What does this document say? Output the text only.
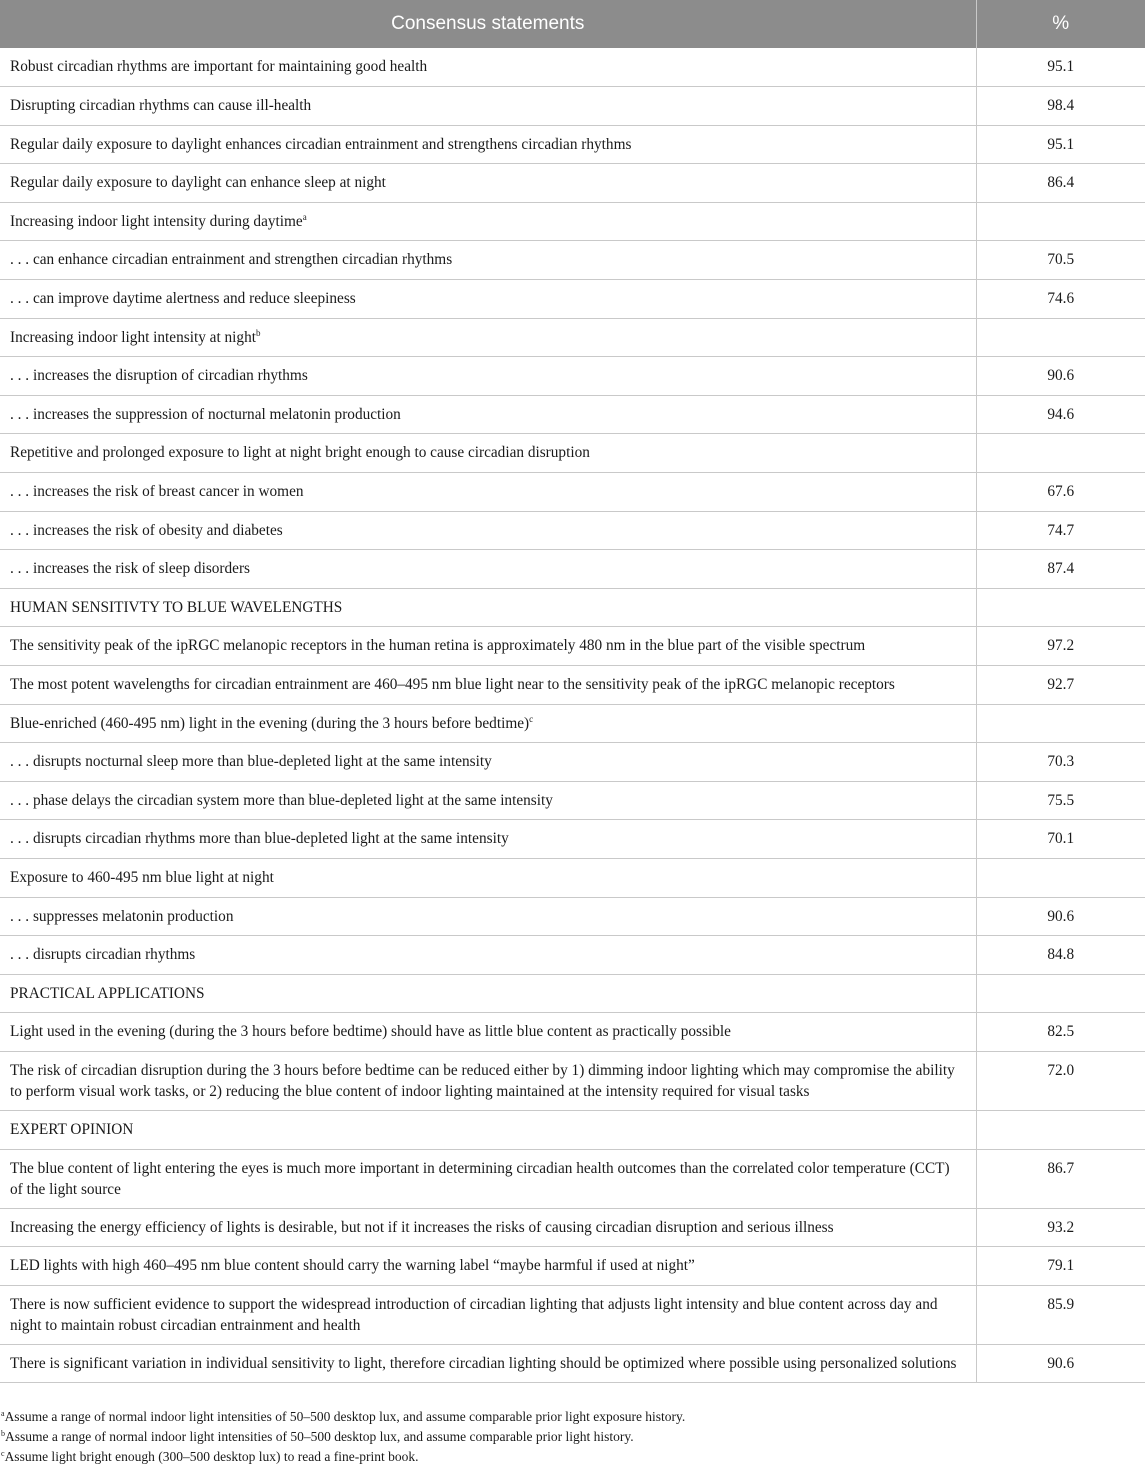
Consensus statements	%
Robust circadian rhythms are important for maintaining good health	95.1
Disrupting circadian rhythms can cause ill-health	98.4
Regular daily exposure to daylight enhances circadian entrainment and strengthens circadian rhythms	95.1
Regular daily exposure to daylight can enhance sleep at night	86.4
Increasing indoor light intensity during daytime$^a$	
. . . can enhance circadian entrainment and strengthen circadian rhythms	70.5
. . . can improve daytime alertness and reduce sleepiness	74.6
Increasing indoor light intensity at night$^b$	
. . . increases the disruption of circadian rhythms	90.6
. . . increases the suppression of nocturnal melatonin production	94.6
Repetitive and prolonged exposure to light at night bright enough to cause circadian disruption	
. . . increases the risk of breast cancer in women	67.6
. . . increases the risk of obesity and diabetes	74.7
. . . increases the risk of sleep disorders	87.4
HUMAN SENSITIVTY TO BLUE WAVELENGTHS	
The sensitivity peak of the ipRGC melanopic receptors in the human retina is approximately 480 nm in the blue part of the visible spectrum	97.2
The most potent wavelengths for circadian entrainment are 460–495 nm blue light near to the sensitivity peak of the ipRGC melanopic receptors	92.7
Blue-enriched (460-495 nm) light in the evening (during the 3 hours before bedtime)$^c$	
. . . disrupts nocturnal sleep more than blue-depleted light at the same intensity	70.3
. . . phase delays the circadian system more than blue-depleted light at the same intensity	75.5
. . . disrupts circadian rhythms more than blue-depleted light at the same intensity	70.1
Exposure to 460-495 nm blue light at night	
. . . suppresses melatonin production	90.6
. . . disrupts circadian rhythms	84.8
PRACTICAL APPLICATIONS	
Light used in the evening (during the 3 hours before bedtime) should have as little blue content as practically possible	82.5
The risk of circadian disruption during the 3 hours before bedtime can be reduced either by 1) dimming indoor lighting which may compromise the ability to perform visual work tasks, or 2) reducing the blue content of indoor lighting maintained at the intensity required for visual tasks	72.0
EXPERT OPINION	
The blue content of light entering the eyes is much more important in determining circadian health outcomes than the correlated color temperature (CCT) of the light source	86.7
Increasing the energy efficiency of lights is desirable, but not if it increases the risks of causing circadian disruption and serious illness	93.2
LED lights with high 460–495 nm blue content should carry the warning label “maybe harmful if used at night”	79.1
There is now sufficient evidence to support the widespread introduction of circadian lighting that adjusts light intensity and blue content across day and night to maintain robust circadian entrainment and health	85.9
There is significant variation in individual sensitivity to light, therefore circadian lighting should be optimized where possible using personalized solutions	90.6
$^a$Assume a range of normal indoor light intensities of 50–500 desktop lux, and assume comparable prior light exposure history.
$^b$Assume a range of normal indoor light intensities of 50–500 desktop lux, and assume comparable prior light history.
$^c$Assume light bright enough (300–500 desktop lux) to read a fine-print book.
